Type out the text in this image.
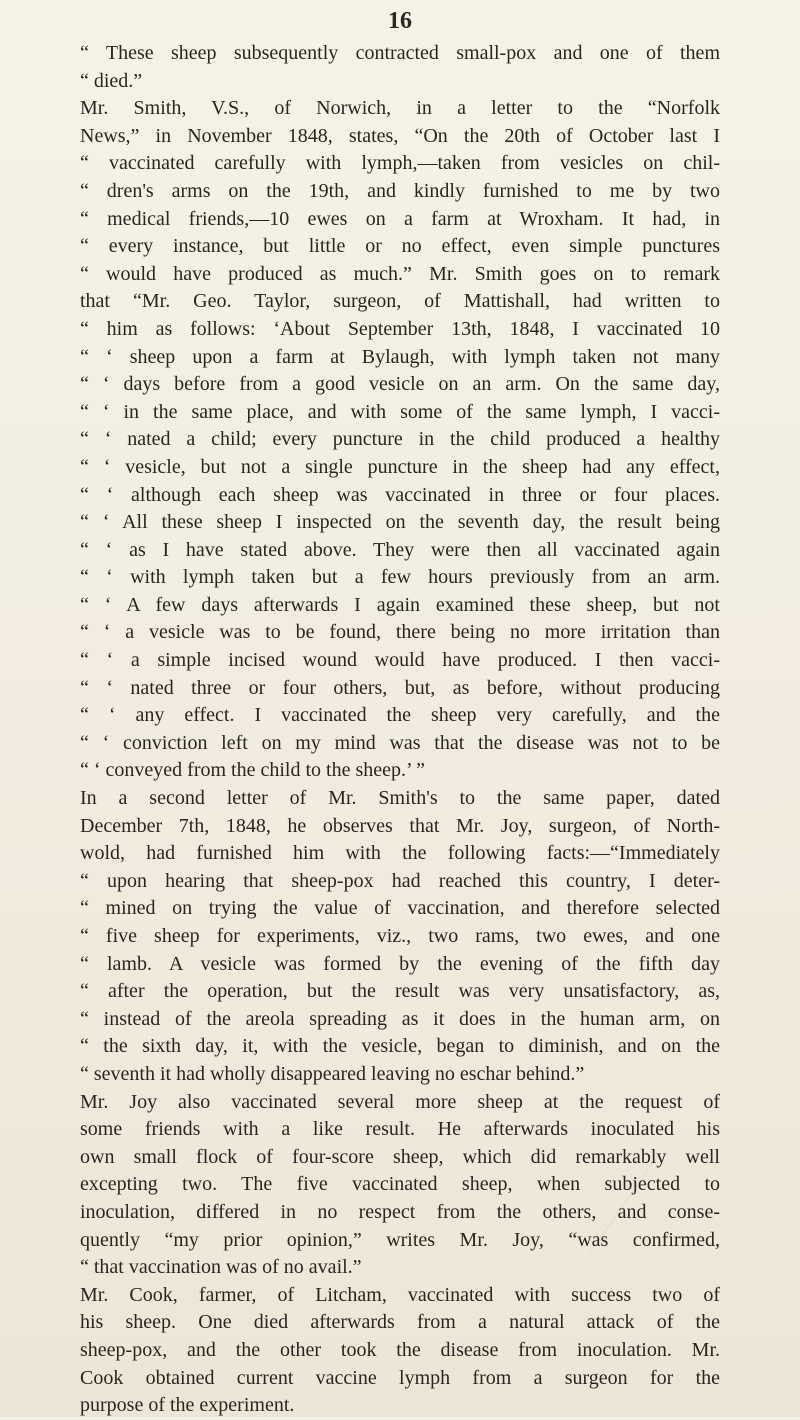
16
“ These sheep subsequently contracted small-pox and one of them
“ died.”
Mr. Smith, V.S., of Norwich, in a letter to the “Norfolk
News,” in November 1848, states, “On the 20th of October last I
“ vaccinated carefully with lymph,—taken from vesicles on chil-
“ dren's arms on the 19th, and kindly furnished to me by two
“ medical friends,—10 ewes on a farm at Wroxham. It had, in
“ every instance, but little or no effect, even simple punctures
“ would have produced as much.” Mr. Smith goes on to remark
that “Mr. Geo. Taylor, surgeon, of Mattishall, had written to
“ him as follows: ‘About September 13th, 1848, I vaccinated 10
“ ‘ sheep upon a farm at Bylaugh, with lymph taken not many
“ ‘ days before from a good vesicle on an arm. On the same day,
“ ‘ in the same place, and with some of the same lymph, I vacci-
“ ‘ nated a child; every puncture in the child produced a healthy
“ ‘ vesicle, but not a single puncture in the sheep had any effect,
“ ‘ although each sheep was vaccinated in three or four places.
“ ‘ All these sheep I inspected on the seventh day, the result being
“ ‘ as I have stated above. They were then all vaccinated again
“ ‘ with lymph taken but a few hours previously from an arm.
“ ‘ A few days afterwards I again examined these sheep, but not
“ ‘ a vesicle was to be found, there being no more irritation than
“ ‘ a simple incised wound would have produced. I then vacci-
“ ‘ nated three or four others, but, as before, without producing
“ ‘ any effect. I vaccinated the sheep very carefully, and the
“ ‘ conviction left on my mind was that the disease was not to be
“ ‘ conveyed from the child to the sheep.’ ”
In a second letter of Mr. Smith's to the same paper, dated
December 7th, 1848, he observes that Mr. Joy, surgeon, of North-
wold, had furnished him with the following facts:—“Immediately
“ upon hearing that sheep-pox had reached this country, I deter-
“ mined on trying the value of vaccination, and therefore selected
“ five sheep for experiments, viz., two rams, two ewes, and one
“ lamb. A vesicle was formed by the evening of the fifth day
“ after the operation, but the result was very unsatisfactory, as,
“ instead of the areola spreading as it does in the human arm, on
“ the sixth day, it, with the vesicle, began to diminish, and on the
“ seventh it had wholly disappeared leaving no eschar behind.”
Mr. Joy also vaccinated several more sheep at the request of
some friends with a like result. He afterwards inoculated his
own small flock of four-score sheep, which did remarkably well
excepting two. The five vaccinated sheep, when subjected to
inoculation, differed in no respect from the others, and conse-
quently “my prior opinion,” writes Mr. Joy, “was confirmed,
“ that vaccination was of no avail.”
Mr. Cook, farmer, of Litcham, vaccinated with success two of
his sheep. One died afterwards from a natural attack of the
sheep-pox, and the other took the disease from inoculation. Mr.
Cook obtained current vaccine lymph from a surgeon for the
purpose of the experiment.
